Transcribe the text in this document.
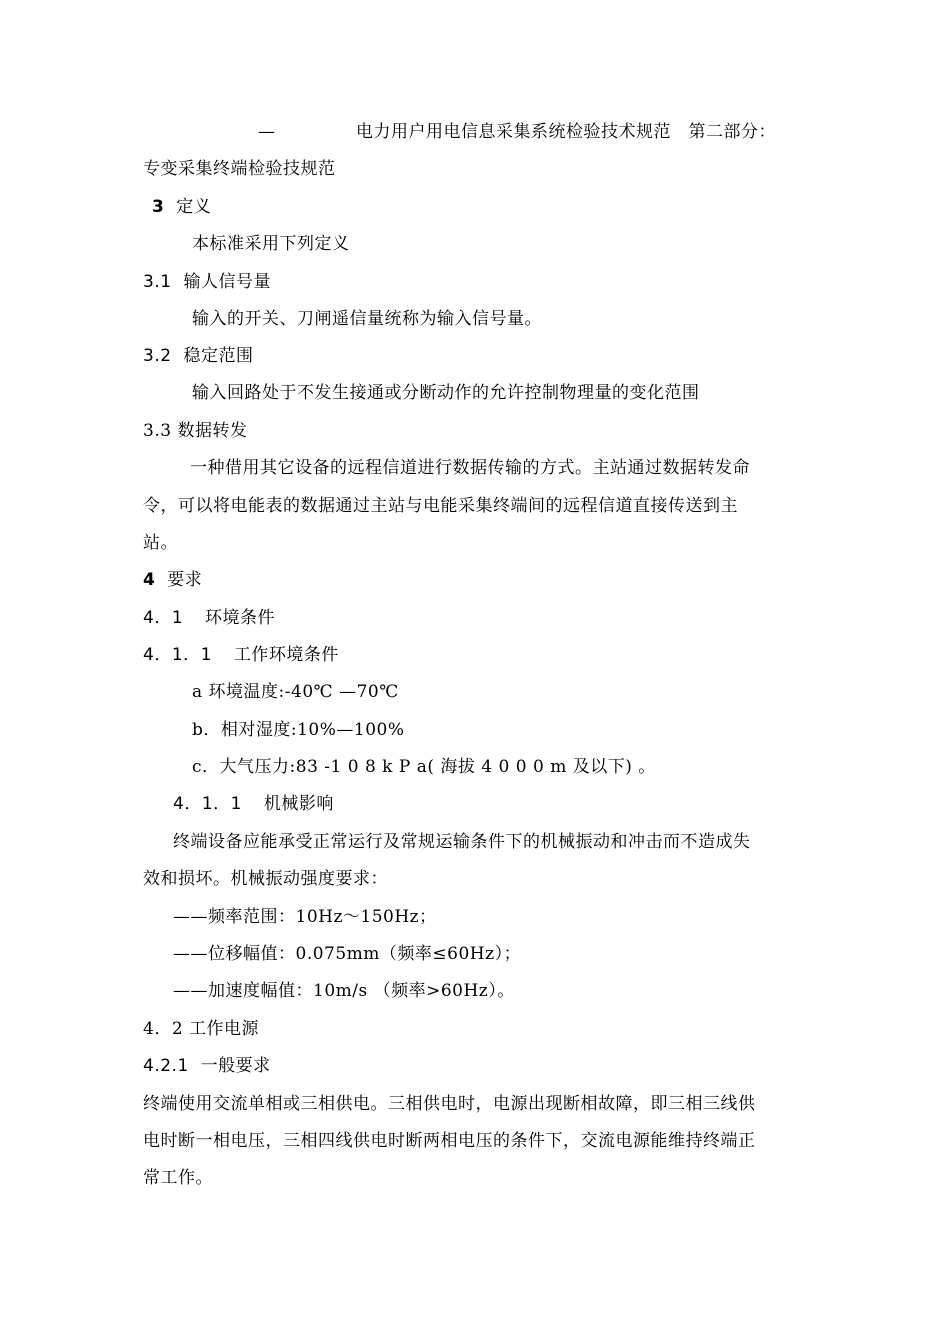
—	电力用户用电信息采集系统检验技术规范　第二部分：
专变采集终端检验技规范
3 定义
本标准采用下列定义
3.1 输人信号量
输入的开关、刀闸遥信量统称为输入信号量。
3.2 稳定范围
输入回路处于不发生接通或分断动作的允许控制物理量的变化范围
3.3 数据转发
一种借用其它设备的远程信道进行数据传输的方式。主站通过数据转发命
令，可以将电能表的数据通过主站与电能采集终端间的远程信道直接传送到主
站。
4 要求
4．1 环境条件
4．1．1 工作环境条件
a 环境温度:-40℃ —70℃
b．相对湿度:10%—100%
c．大气压力:83 -1 0 8 k P a( 海拔 4 0 0 0 m 及以下) 。
4．1．1 机械影响
终端设备应能承受正常运行及常规运输条件下的机械振动和冲击而不造成失
效和损坏。机械振动强度要求：
——频率范围：10Hz～150Hz；
——位移幅值：0.075mm（频率≤60Hz）；
——加速度幅值：10m/s （频率>60Hz）。
4．2 工作电源
4.2.1 一般要求
终端使用交流单相或三相供电。三相供电时，电源出现断相故障，即三相三线供
电时断一相电压，三相四线供电时断两相电压的条件下，交流电源能维持终端正
常工作。
